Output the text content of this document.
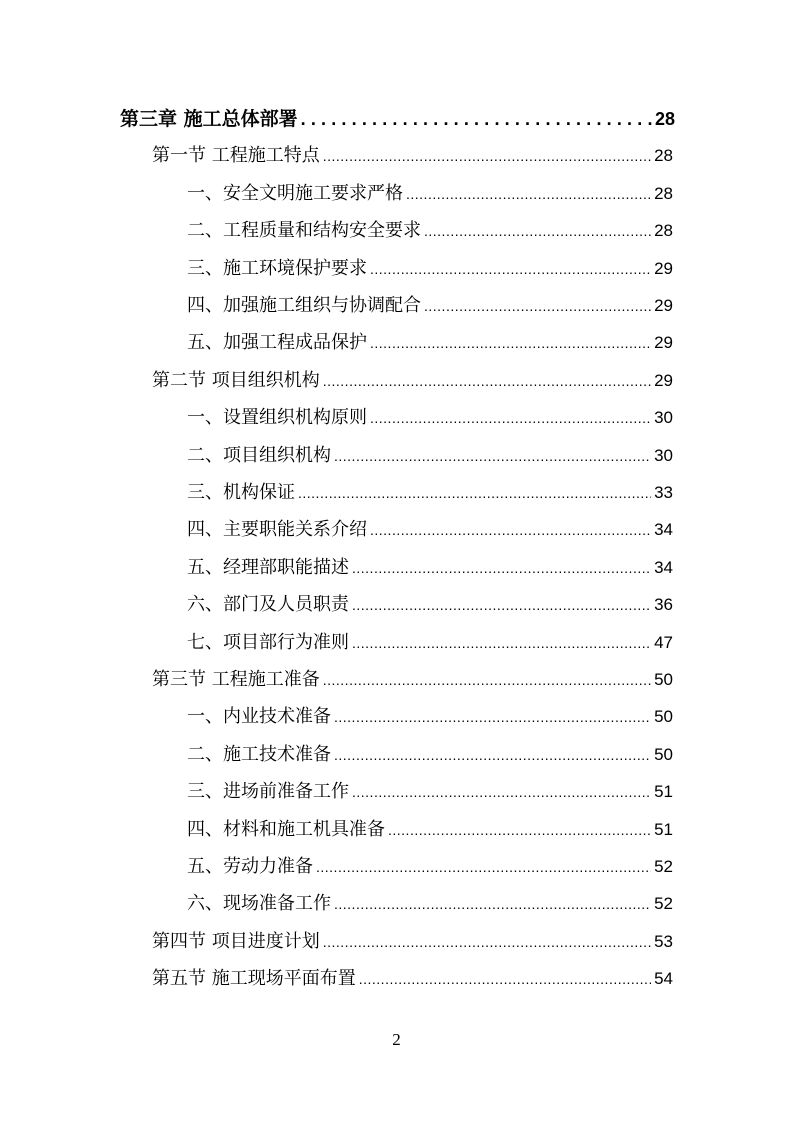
第三章 施工总体部署 .....	28
第一节 工程施工特点 .....	28
一、安全文明施工要求严格 .....	28
二、工程质量和结构安全要求 .....	28
三、施工环境保护要求 .....	29
四、加强施工组织与协调配合 .....	29
五、加强工程成品保护 .....	29
第二节 项目组织机构 .....	29
一、设置组织机构原则 .....	30
二、项目组织机构 .....	30
三、机构保证 .....	33
四、主要职能关系介绍 .....	34
五、经理部职能描述 .....	34
六、部门及人员职责 .....	36
七、项目部行为准则 .....	47
第三节 工程施工准备 .....	50
一、内业技术准备 .....	50
二、施工技术准备 .....	50
三、进场前准备工作 .....	51
四、材料和施工机具准备 .....	51
五、劳动力准备 .....	52
六、现场准备工作 .....	52
第四节 项目进度计划 .....	53
第五节 施工现场平面布置 .....	54
2
